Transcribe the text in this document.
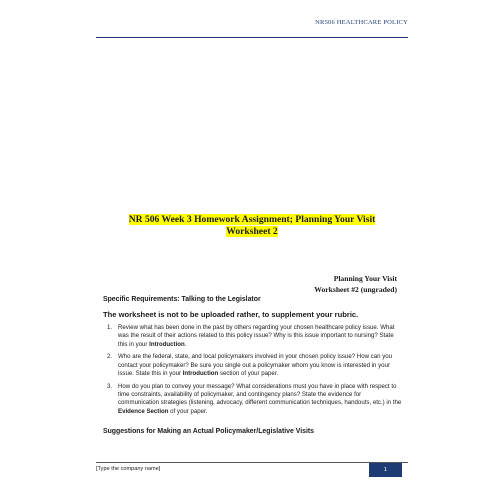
NR506 HEALTHCARE POLICY
NR 506 Week 3 Homework Assignment; Planning Your Visit
Worksheet 2
Planning Your Visit
Worksheet #2 (ungraded)
Specific Requirements: Talking to the Legislator
The worksheet is not to be uploaded rather, to supplement your rubric.
1. Review what has been done in the past by others regarding your chosen healthcare policy issue. What was the result of their actions related to this policy issue? Why is this issue important to nursing? State this in your Introduction.
2. Who are the federal, state, and local policymakers involved in your chosen policy issue? How can you contact your policymaker? Be sure you single out a policymaker whom you know is interested in your issue. State this in your Introduction section of your paper.
3. How do you plan to convey your message? What considerations must you have in place with respect to time constraints, availability of policymaker, and contingency plans? State the evidence for communication strategies (listening, advocacy, different communication techniques, handouts, etc.) in the Evidence Section of your paper.
Suggestions for Making an Actual Policymaker/Legislative Visits
[Type the company name]	1
